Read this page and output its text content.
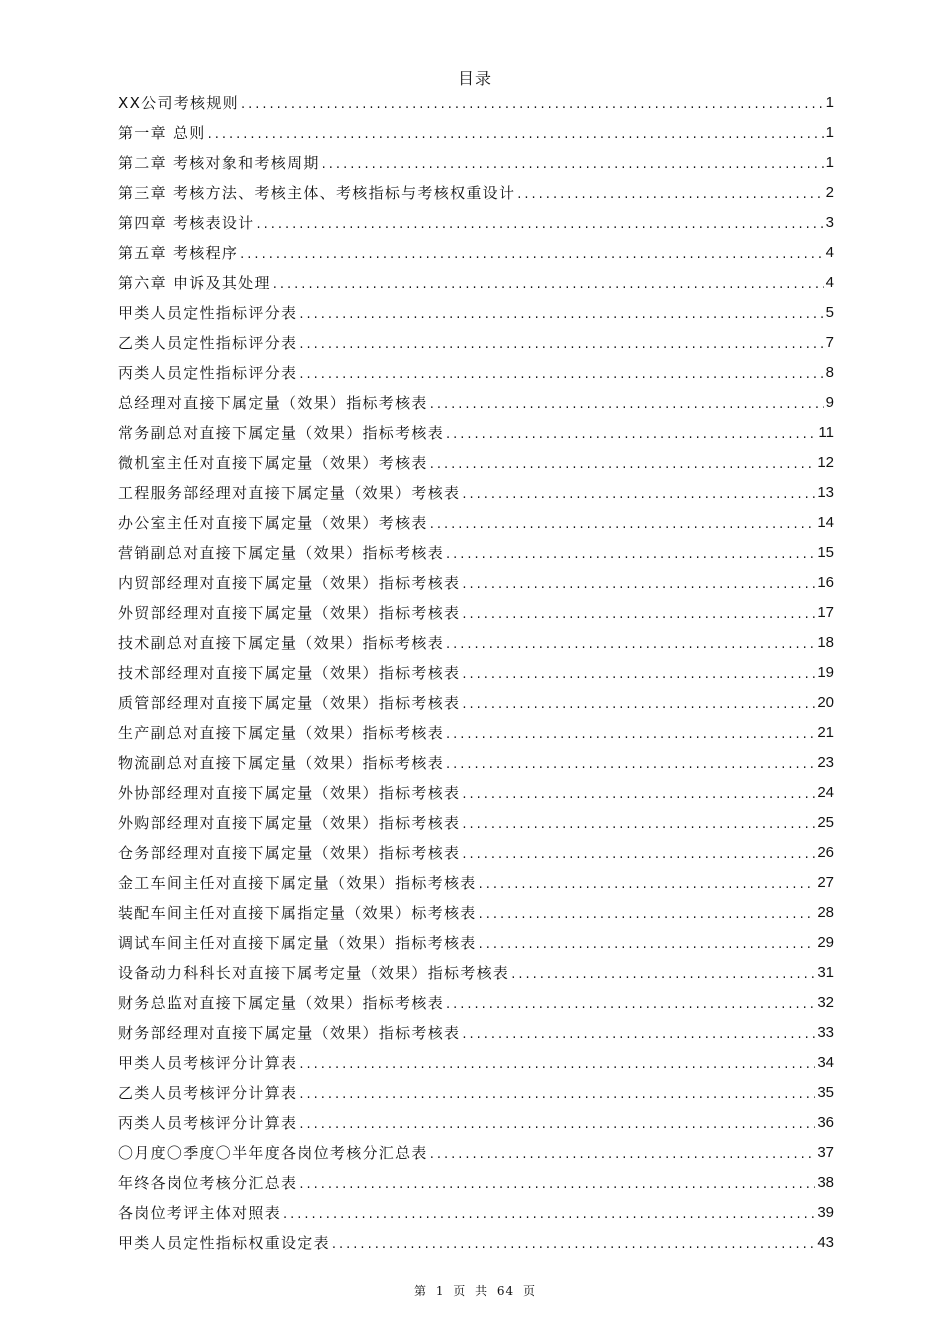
目录
XX公司考核规则 .....	1
第一章 总则 .....	1
第二章 考核对象和考核周期 .....	1
第三章 考核方法、考核主体、考核指标与考核权重设计 .....	2
第四章 考核表设计 .....	3
第五章 考核程序 .....	4
第六章 申诉及其处理 .....	4
甲类人员定性指标评分表 .....	5
乙类人员定性指标评分表 .....	7
丙类人员定性指标评分表 .....	8
总经理对直接下属定量（效果）指标考核表 .....	9
常务副总对直接下属定量（效果）指标考核表 .....	11
微机室主任对直接下属定量（效果）考核表 .....	12
工程服务部经理对直接下属定量（效果）考核表 .....	13
办公室主任对直接下属定量（效果）考核表 .....	14
营销副总对直接下属定量（效果）指标考核表 .....	15
内贸部经理对直接下属定量（效果）指标考核表 .....	16
外贸部经理对直接下属定量（效果）指标考核表 .....	17
技术副总对直接下属定量（效果）指标考核表 .....	18
技术部经理对直接下属定量（效果）指标考核表 .....	19
质管部经理对直接下属定量（效果）指标考核表 .....	20
生产副总对直接下属定量（效果）指标考核表 .....	21
物流副总对直接下属定量（效果）指标考核表 .....	23
外协部经理对直接下属定量（效果）指标考核表 .....	24
外购部经理对直接下属定量（效果）指标考核表 .....	25
仓务部经理对直接下属定量（效果）指标考核表 .....	26
金工车间主任对直接下属定量（效果）指标考核表 .....	27
装配车间主任对直接下属指定量（效果）标考核表 .....	28
调试车间主任对直接下属定量（效果）指标考核表 .....	29
设备动力科科长对直接下属考定量（效果）指标考核表 .....	31
财务总监对直接下属定量（效果）指标考核表 .....	32
财务部经理对直接下属定量（效果）指标考核表 .....	33
甲类人员考核评分计算表 .....	34
乙类人员考核评分计算表 .....	35
丙类人员考核评分计算表 .....	36
〇月度〇季度〇半年度各岗位考核分汇总表 .....	37
年终各岗位考核分汇总表 .....	38
各岗位考评主体对照表 .....	39
甲类人员定性指标权重设定表 .....	43
第 1 页 共 64 页
